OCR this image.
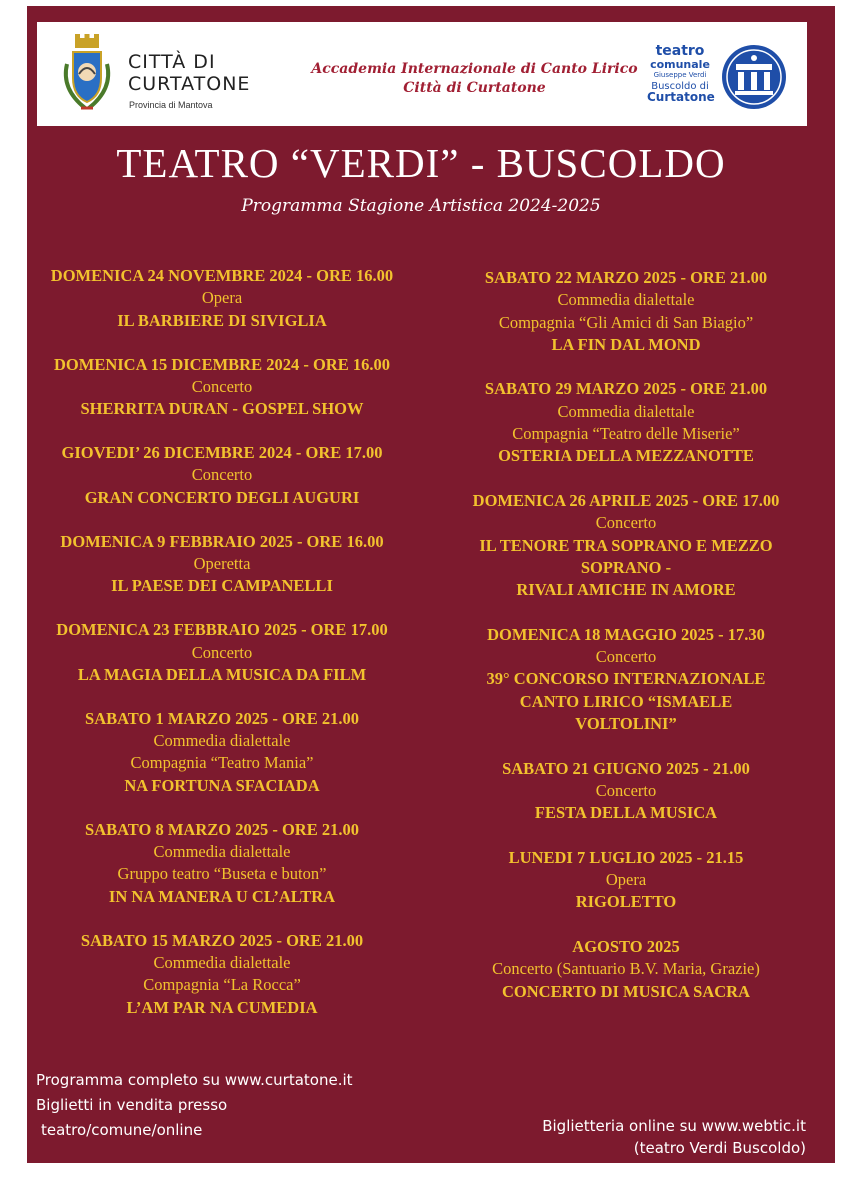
CITTÀ DI
CURTATONE
Provincia di Mantova
Accademia Internazionale di Canto Lirico
Città di Curtatone
teatro
comunale
Giuseppe Verdi
Buscoldo di
Curtatone
TEATRO “VERDI” - BUSCOLDO
Programma Stagione Artistica 2024-2025
DOMENICA 24 NOVEMBRE 2024 - ORE 16.00
Opera
IL BARBIERE DI SIVIGLIA
DOMENICA 15 DICEMBRE 2024 - ORE 16.00
Concerto
SHERRITA DURAN - GOSPEL SHOW
GIOVEDI’ 26 DICEMBRE 2024 - ORE 17.00
Concerto
GRAN CONCERTO DEGLI AUGURI
DOMENICA 9 FEBBRAIO 2025 - ORE 16.00
Operetta
IL PAESE DEI CAMPANELLI
DOMENICA 23 FEBBRAIO 2025 - ORE 17.00
Concerto
LA MAGIA DELLA MUSICA DA FILM
SABATO 1 MARZO 2025 - ORE 21.00
Commedia dialettale
Compagnia “Teatro Mania”
NA FORTUNA SFACIADA
SABATO 8 MARZO 2025 - ORE 21.00
Commedia dialettale
Gruppo teatro “Buseta e buton”
IN NA MANERA U CL’ALTRA
SABATO 15 MARZO 2025 - ORE 21.00
Commedia dialettale
Compagnia “La Rocca”
L’AM PAR NA CUMEDIA
SABATO 22 MARZO 2025 - ORE 21.00
Commedia dialettale
Compagnia “Gli Amici di San Biagio”
LA FIN DAL MOND
SABATO 29 MARZO 2025 - ORE 21.00
Commedia dialettale
Compagnia “Teatro delle Miserie”
OSTERIA DELLA MEZZANOTTE
DOMENICA 26 APRILE 2025 - ORE 17.00
Concerto
IL TENORE TRA SOPRANO E MEZZO
SOPRANO -
RIVALI AMICHE IN AMORE
DOMENICA 18 MAGGIO 2025 - 17.30
Concerto
39° CONCORSO INTERNAZIONALE
CANTO LIRICO “ISMAELE
VOLTOLINI”
SABATO 21 GIUGNO 2025 - 21.00
Concerto
FESTA DELLA MUSICA
LUNEDI 7 LUGLIO 2025 - 21.15
Opera
RIGOLETTO
AGOSTO 2025
Concerto (Santuario B.V. Maria, Grazie)
CONCERTO DI MUSICA SACRA
Programma completo su www.curtatone.it
Biglietti in vendita presso
teatro/comune/online	Biglietteria online su www.webtic.it
(teatro Verdi Buscoldo)
